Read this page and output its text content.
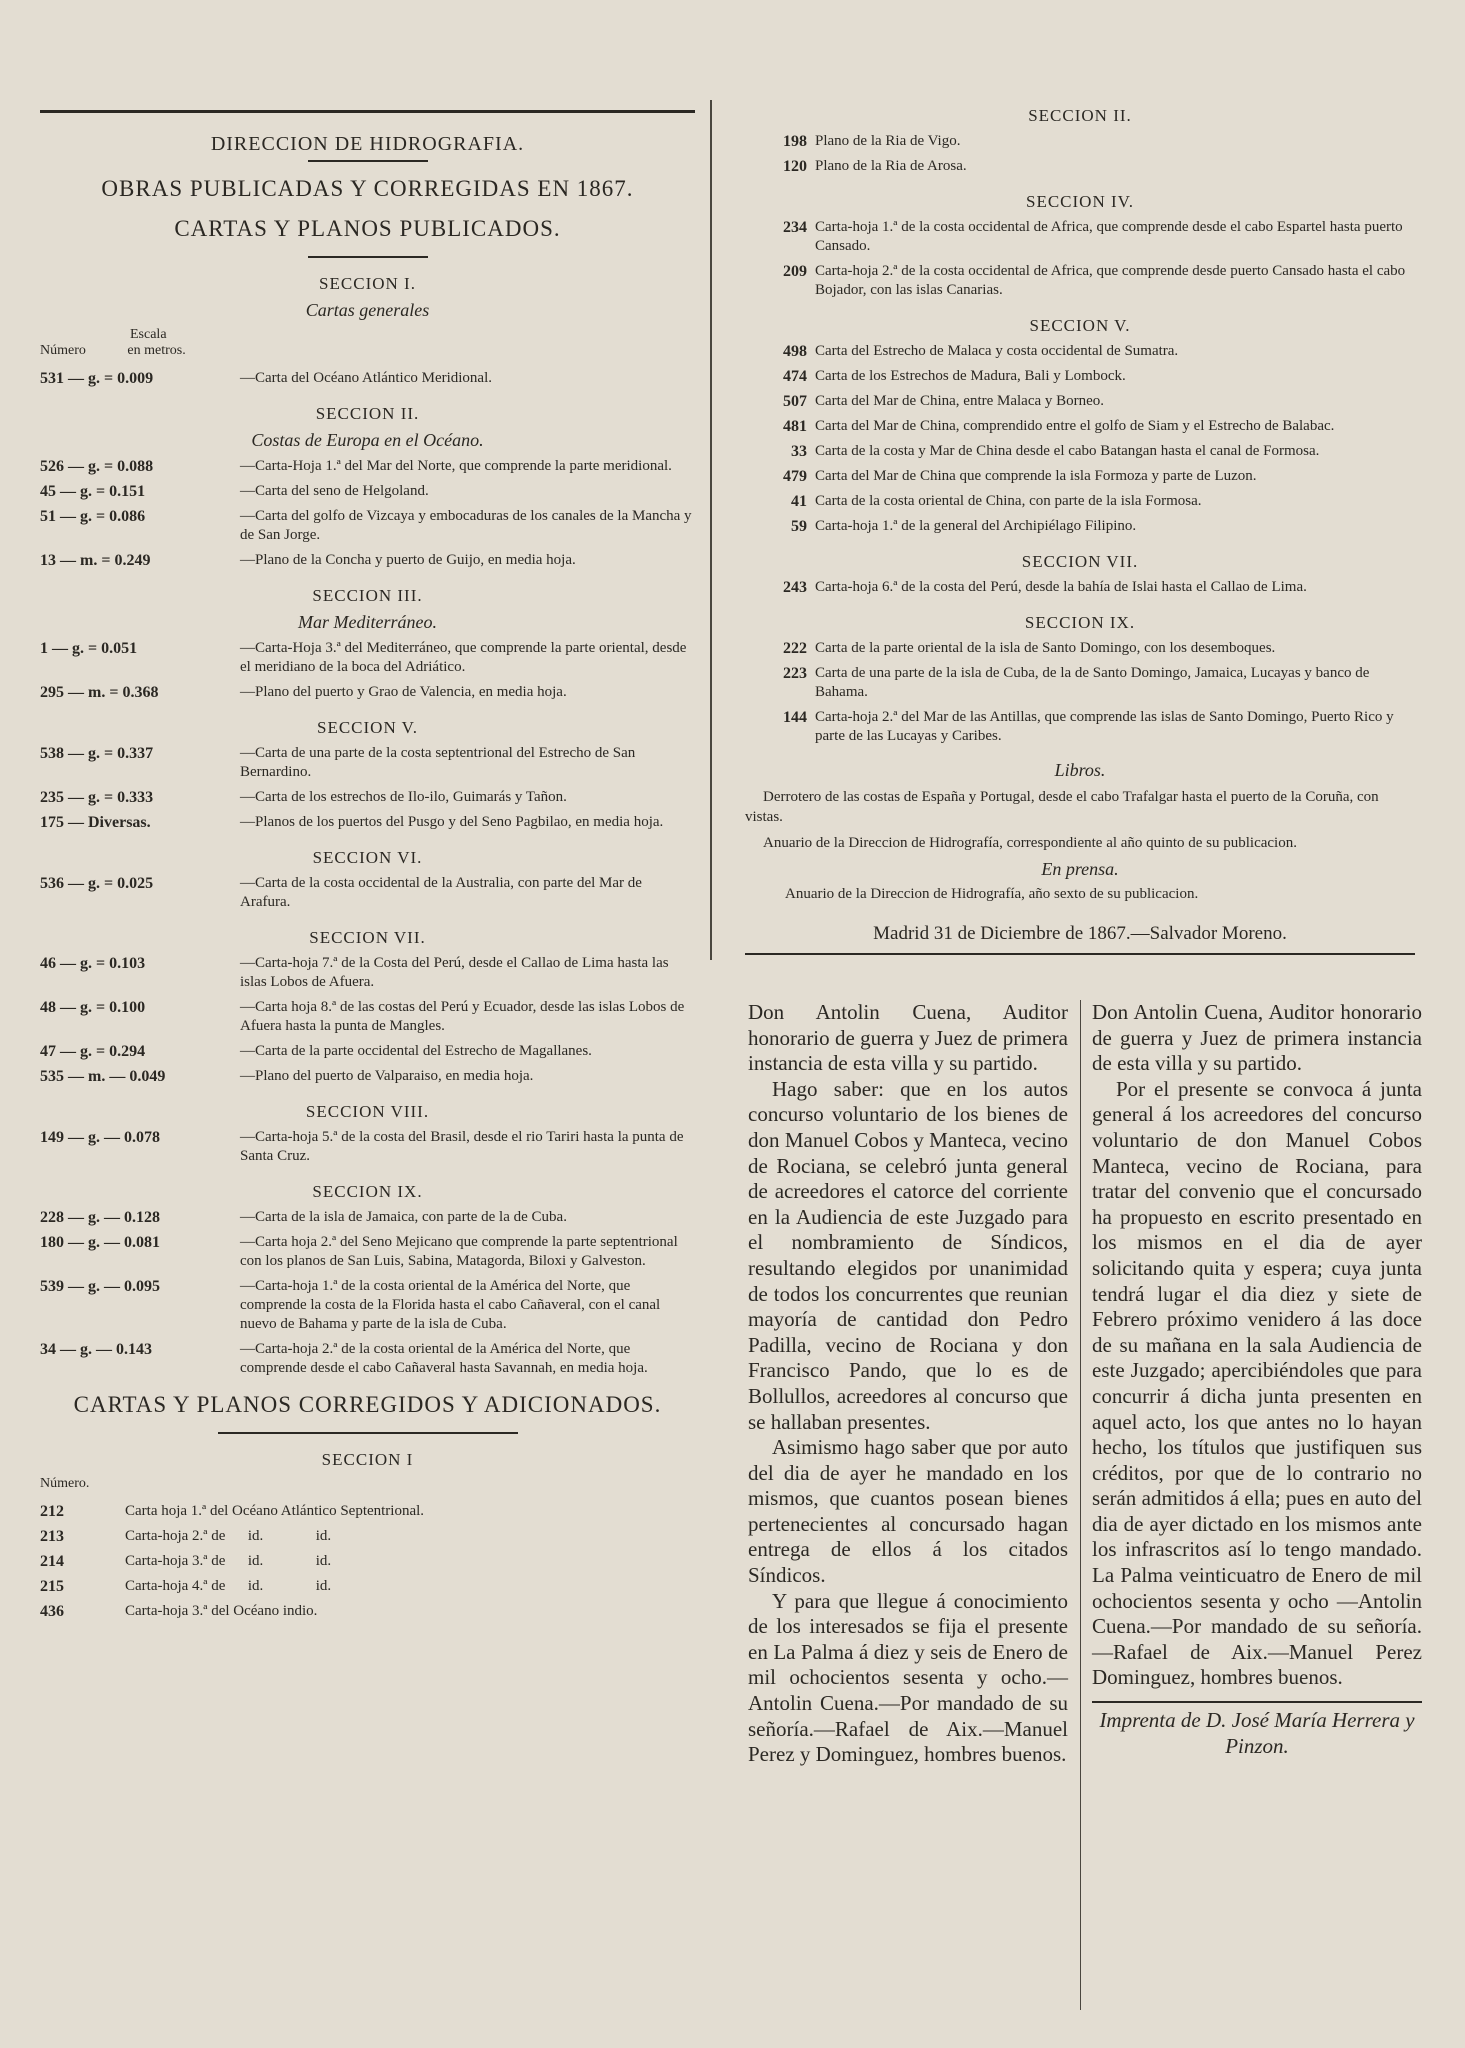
DIRECCION DE HIDROGRAFIA.
OBRAS PUBLICADAS Y CORREGIDAS EN 1867.
CARTAS Y PLANOS PUBLICADOS.
SECCION I.
Cartas generales
Escala
Número	en metros.
531 — g. = 0.009	—Carta del Océano Atlántico Meridional.
SECCION II.
Costas de Europa en el Océano.
526 — g. = 0.088	—Carta-Hoja 1.ª del Mar del Norte, que comprende la parte meridional.
45 — g. = 0.151	—Carta del seno de Helgoland.
51 — g. = 0.086	—Carta del golfo de Vizcaya y embocaduras de los canales de la Mancha y de San Jorge.
13 — m. = 0.249	—Plano de la Concha y puerto de Guijo, en media hoja.
SECCION III.
Mar Mediterráneo.
1 — g. = 0.051	—Carta-Hoja 3.ª del Mediterráneo, que comprende la parte oriental, desde el meridiano de la boca del Adriático.
295 — m. = 0.368	—Plano del puerto y Grao de Valencia, en media hoja.
SECCION V.
538 — g. = 0.337	—Carta de una parte de la costa septentrional del Estrecho de San Bernardino.
235 — g. = 0.333	—Carta de los estrechos de Ilo-ilo, Guimarás y Tañon.
175 — Diversas.	—Planos de los puertos del Pusgo y del Seno Pagbilao, en media hoja.
SECCION VI.
536 — g. = 0.025	—Carta de la costa occidental de la Australia, con parte del Mar de Arafura.
SECCION VII.
46 — g. = 0.103	—Carta-hoja 7.ª de la Costa del Perú, desde el Callao de Lima hasta las islas Lobos de Afuera.
48 — g. = 0.100	—Carta hoja 8.ª de las costas del Perú y Ecuador, desde las islas Lobos de Afuera hasta la punta de Mangles.
47 — g. = 0.294	—Carta de la parte occidental del Estrecho de Magallanes.
535 — m. — 0.049	—Plano del puerto de Valparaiso, en media hoja.
SECCION VIII.
149 — g. — 0.078	—Carta-hoja 5.ª de la costa del Brasil, desde el rio Tariri hasta la punta de Santa Cruz.
SECCION IX.
228 — g. — 0.128	—Carta de la isla de Jamaica, con parte de la de Cuba.
180 — g. — 0.081	—Carta hoja 2.ª del Seno Mejicano que comprende la parte septentrional con los planos de San Luis, Sabina, Matagorda, Biloxi y Galveston.
539 — g. — 0.095	—Carta-hoja 1.ª de la costa oriental de la América del Norte, que comprende la costa de la Florida hasta el cabo Cañaveral, con el canal nuevo de Bahama y parte de la isla de Cuba.
34 — g. — 0.143	—Carta-hoja 2.ª de la costa oriental de la América del Norte, que comprende desde el cabo Cañaveral hasta Savannah, en media hoja.
CARTAS Y PLANOS CORREGIDOS Y ADICIONADOS.
SECCION I
Número.
212	Carta hoja 1.ª del Océano Atlántico Septentrional.
213	Carta-hoja 2.ª de      id.              id.
214	Carta-hoja 3.ª de      id.              id.
215	Carta-hoja 4.ª de      id.              id.
436	Carta-hoja 3.ª del Océano indio.
SECCION II.
198 Plano de la Ria de Vigo.
120 Plano de la Ria de Arosa.
SECCION IV.
234 Carta-hoja 1.ª de la costa occidental de Africa, que comprende desde el cabo Espartel hasta puerto Cansado.
209 Carta-hoja 2.ª de la costa occidental de Africa, que comprende desde puerto Cansado hasta el cabo Bojador, con las islas Canarias.
SECCION V.
498 Carta del Estrecho de Malaca y costa occidental de Sumatra.
474 Carta de los Estrechos de Madura, Bali y Lombock.
507 Carta del Mar de China, entre Malaca y Borneo.
481 Carta del Mar de China, comprendido entre el golfo de Siam y el Estrecho de Balabac.
33 Carta de la costa y Mar de China desde el cabo Batangan hasta el canal de Formosa.
479 Carta del Mar de China que comprende la isla Formoza y parte de Luzon.
41 Carta de la costa oriental de China, con parte de la isla Formosa.
59 Carta-hoja 1.ª de la general del Archipiélago Filipino.
SECCION VII.
243 Carta-hoja 6.ª de la costa del Perú, desde la bahía de Islai hasta el Callao de Lima.
SECCION IX.
222 Carta de la parte oriental de la isla de Santo Domingo, con los desemboques.
223 Carta de una parte de la isla de Cuba, de la de Santo Domingo, Jamaica, Lucayas y banco de Bahama.
144 Carta-hoja 2.ª del Mar de las Antillas, que comprende las islas de Santo Domingo, Puerto Rico y parte de las Lucayas y Caribes.
Libros.
Derrotero de las costas de España y Portugal, desde el cabo Trafalgar hasta el puerto de la Coruña, con vistas.
Anuario de la Direccion de Hidrografía, correspondiente al año quinto de su publicacion.
En prensa.
Anuario de la Direccion de Hidrografía, año sexto de su publicacion.
Madrid 31 de Diciembre de 1867.—Salvador Moreno.

Don Antolin Cuena, Auditor honorario de guerra y Juez de primera instancia de esta villa y su partido.

Hago saber: que en los autos concurso voluntario de los bienes de don Manuel Cobos y Manteca, vecino de Rociana, se celebró junta general de acreedores el catorce del corriente en la Audiencia de este Juzgado para el nombramiento de Síndicos, resultando elegidos por unanimidad de todos los concurrentes que reunian mayoría de cantidad don Pedro Padilla, vecino de Rociana y don Francisco Pando, que lo es de Bollullos, acreedores al concurso que se hallaban presentes.

Asimismo hago saber que por auto del dia de ayer he mandado en los mismos, que cuantos posean bienes pertenecientes al concursado hagan entrega de ellos á los citados Síndicos.

Y para que llegue á conocimiento de los interesados se fija el presente en La Palma á diez y seis de Enero de mil ochocientos sesenta y ocho.—Antolin Cuena.—Por mandado de su señoría.—Rafael de Aix.—Manuel Perez y Dominguez, hombres buenos.

Don Antolin Cuena, Auditor honorario de guerra y Juez de primera instancia de esta villa y su partido.

Por el presente se convoca á junta general á los acreedores del concurso voluntario de don Manuel Cobos Manteca, vecino de Rociana, para tratar del convenio que el concursado ha propuesto en escrito presentado en los mismos en el dia de ayer solicitando quita y espera; cuya junta tendrá lugar el dia diez y siete de Febrero próximo venidero á las doce de su mañana en la sala Audiencia de este Juzgado; apercibiéndoles que para concurrir á dicha junta presenten en aquel acto, los que antes no lo hayan hecho, los títulos que justifiquen sus créditos, por que de lo contrario no serán admitidos á ella; pues en auto del dia de ayer dictado en los mismos ante los infrascritos así lo tengo mandado. La Palma veinticuatro de Enero de mil ochocientos sesenta y ocho —Antolin Cuena.—Por mandado de su señoría.—Rafael de Aix.—Manuel Perez Dominguez, hombres buenos.

Imprenta de D. José María Herrera y Pinzon.
